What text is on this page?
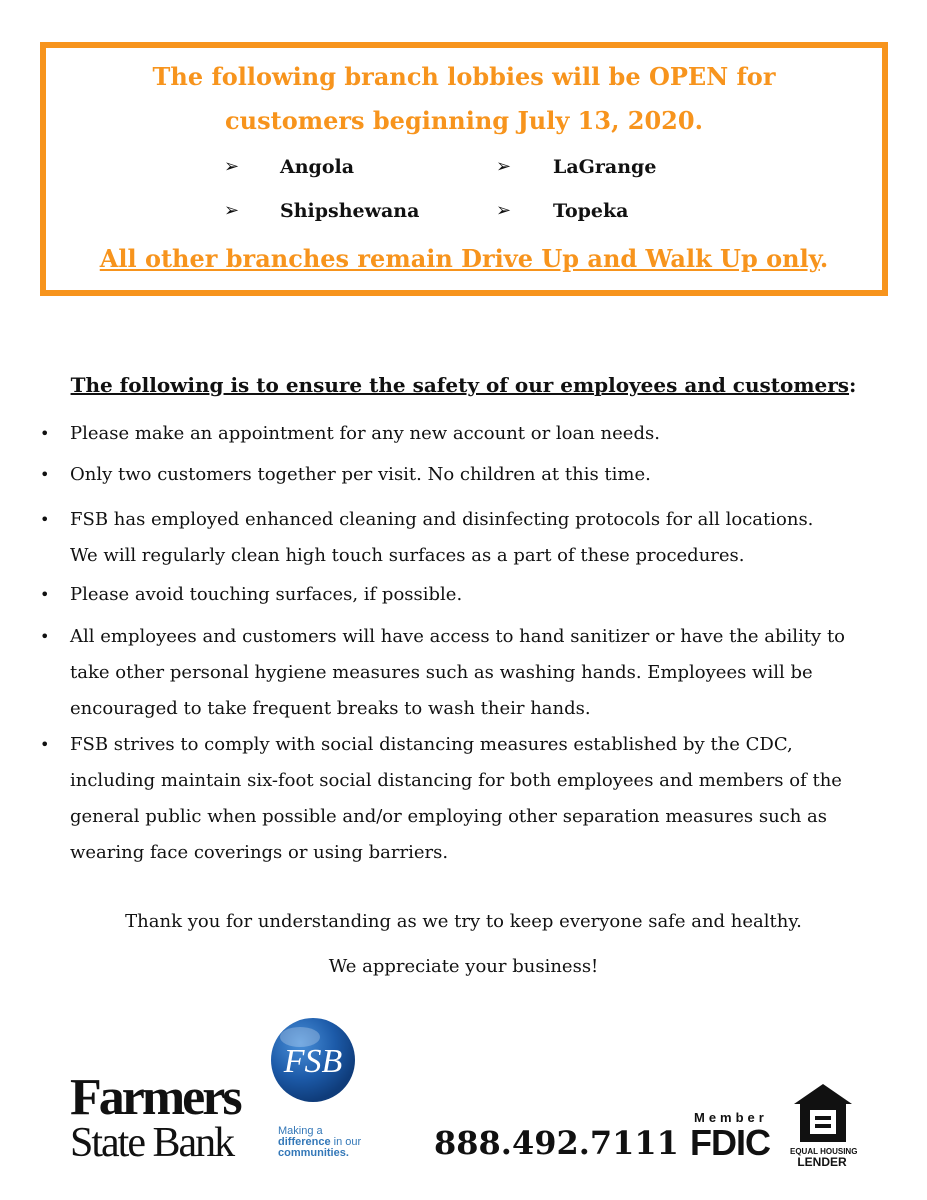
The following branch lobbies will be OPEN for
customers beginning July 13, 2020.
➢ Angola	➢ LaGrange
➢ Shipshewana	➢ Topeka
All other branches remain Drive Up and Walk Up only.
The following is to ensure the safety of our employees and customers:
• Please make an appointment for any new account or loan needs.
• Only two customers together per visit. No children at this time.
• FSB has employed enhanced cleaning and disinfecting protocols for all locations.
We will regularly clean high touch surfaces as a part of these procedures.
• Please avoid touching surfaces, if possible.
• All employees and customers will have access to hand sanitizer or have the ability to
take other personal hygiene measures such as washing hands. Employees will be
encouraged to take frequent breaks to wash their hands.
• FSB strives to comply with social distancing measures established by the CDC,
including maintain six-foot social distancing for both employees and members of the
general public when possible and/or employing other separation measures such as
wearing face coverings or using barriers.
Thank you for understanding as we try to keep everyone safe and healthy.
We appreciate your business!
FSB
Farmers
State Bank	Making a
difference in our
communities.	888.492.7111
Member
FDIC	EQUAL HOUSING
LENDER
